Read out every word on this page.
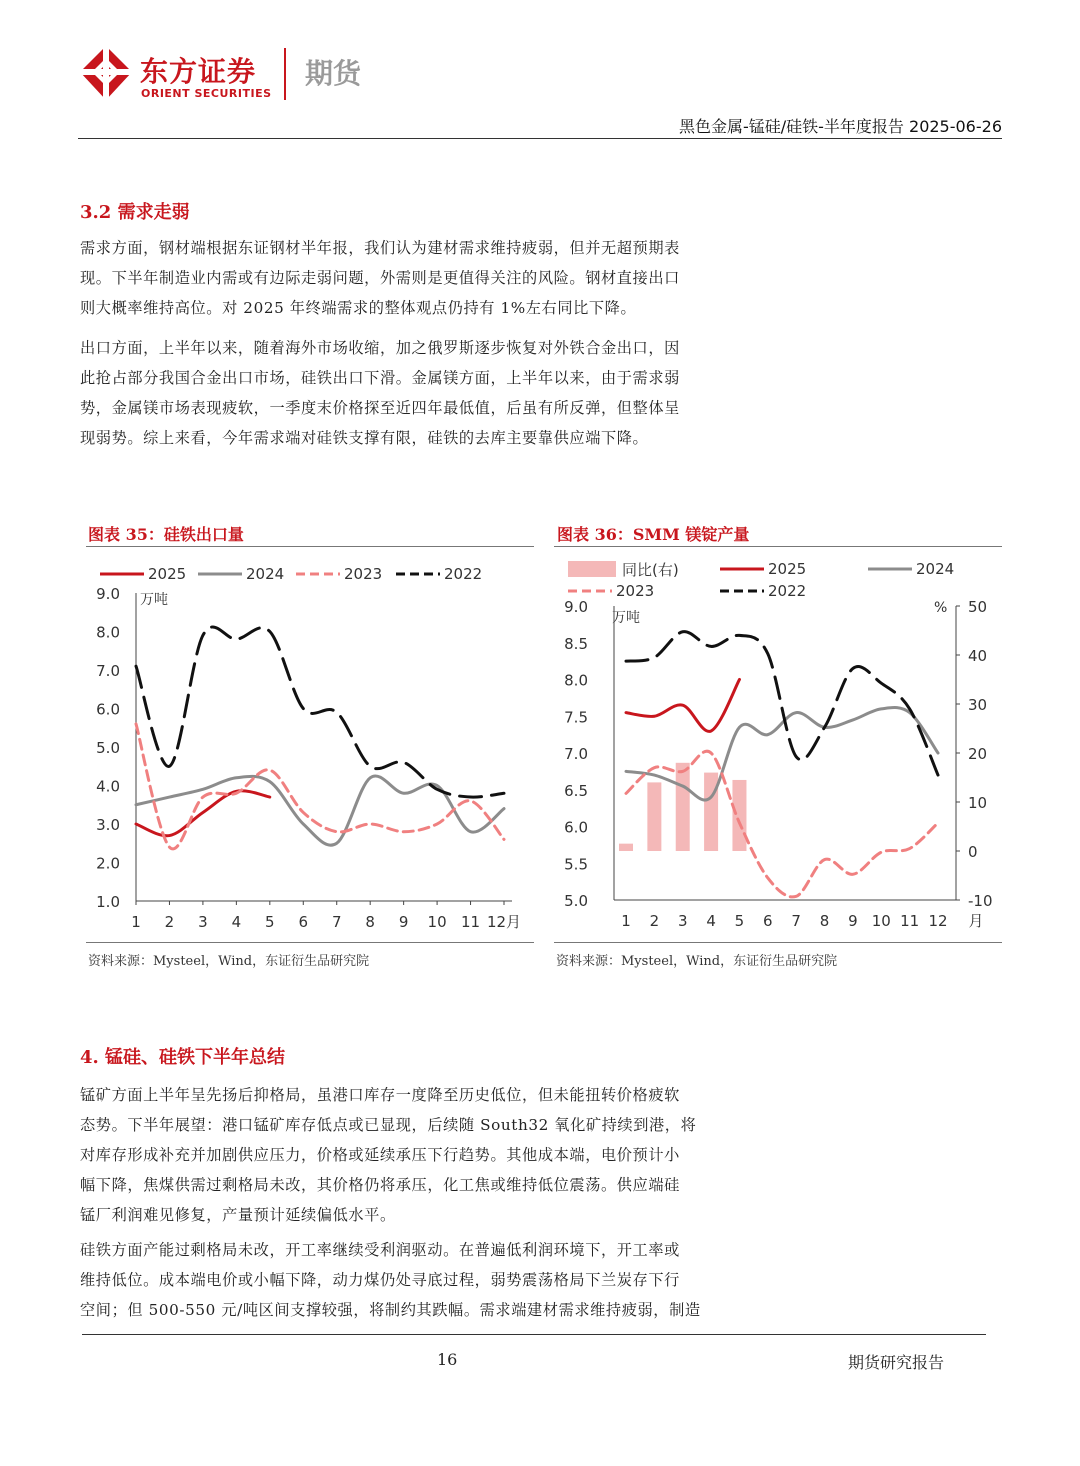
东方证券
ORIENT SECURITIES
期货
黑色金属-锰硅/硅铁-半年度报告 2025-06-26
3.2 需求走弱
需求方面，钢材端根据东证钢材半年报，我们认为建材需求维持疲弱，但并无超预期表
现。下半年制造业内需或有边际走弱问题，外需则是更值得关注的风险。钢材直接出口
则大概率维持高位。对 2025 年终端需求的整体观点仍持有 1%左右同比下降。
出口方面，上半年以来，随着海外市场收缩，加之俄罗斯逐步恢复对外铁合金出口，因
此抢占部分我国合金出口市场，硅铁出口下滑。金属镁方面，上半年以来，由于需求弱
势，金属镁市场表现疲软，一季度末价格探至近四年最低值，后虽有所反弹，但整体呈
现弱势。综上来看，今年需求端对硅铁支撑有限，硅铁的去库主要靠供应端下降。
图表 35：硅铁出口量
1.0
2.0
3.0
4.0
5.0
6.0
7.0
8.0
9.0
1 2 3 4 5 6 7 8 9 10 11 12月
万吨
2025	2024	2023	2022
资料来源：Mysteel，Wind，东证衍生品研究院
图表 36：SMM 镁锭产量
5.0
5.5
6.0
6.5
7.0
7.5
8.0
8.5
9.0
-10
0
10
20
30
40
50
1 2 3 4 5 6 7 8 9 10 11 12 月
万吨
%
同比(右)	2025	2024
2023	2022
资料来源：Mysteel，Wind，东证衍生品研究院
4. 锰硅、硅铁下半年总结
锰矿方面上半年呈先扬后抑格局，虽港口库存一度降至历史低位，但未能扭转价格疲软
态势。下半年展望：港口锰矿库存低点或已显现，后续随 South32 氧化矿持续到港，将
对库存形成补充并加剧供应压力，价格或延续承压下行趋势。其他成本端，电价预计小
幅下降，焦煤供需过剩格局未改，其价格仍将承压，化工焦或维持低位震荡。供应端硅
锰厂利润难见修复，产量预计延续偏低水平。
硅铁方面产能过剩格局未改，开工率继续受利润驱动。在普遍低利润环境下，开工率或
维持低位。成本端电价或小幅下降，动力煤仍处寻底过程，弱势震荡格局下兰炭存下行
空间；但 500-550 元/吨区间支撑较强，将制约其跌幅。需求端建材需求维持疲弱，制造
16	期货研究报告
